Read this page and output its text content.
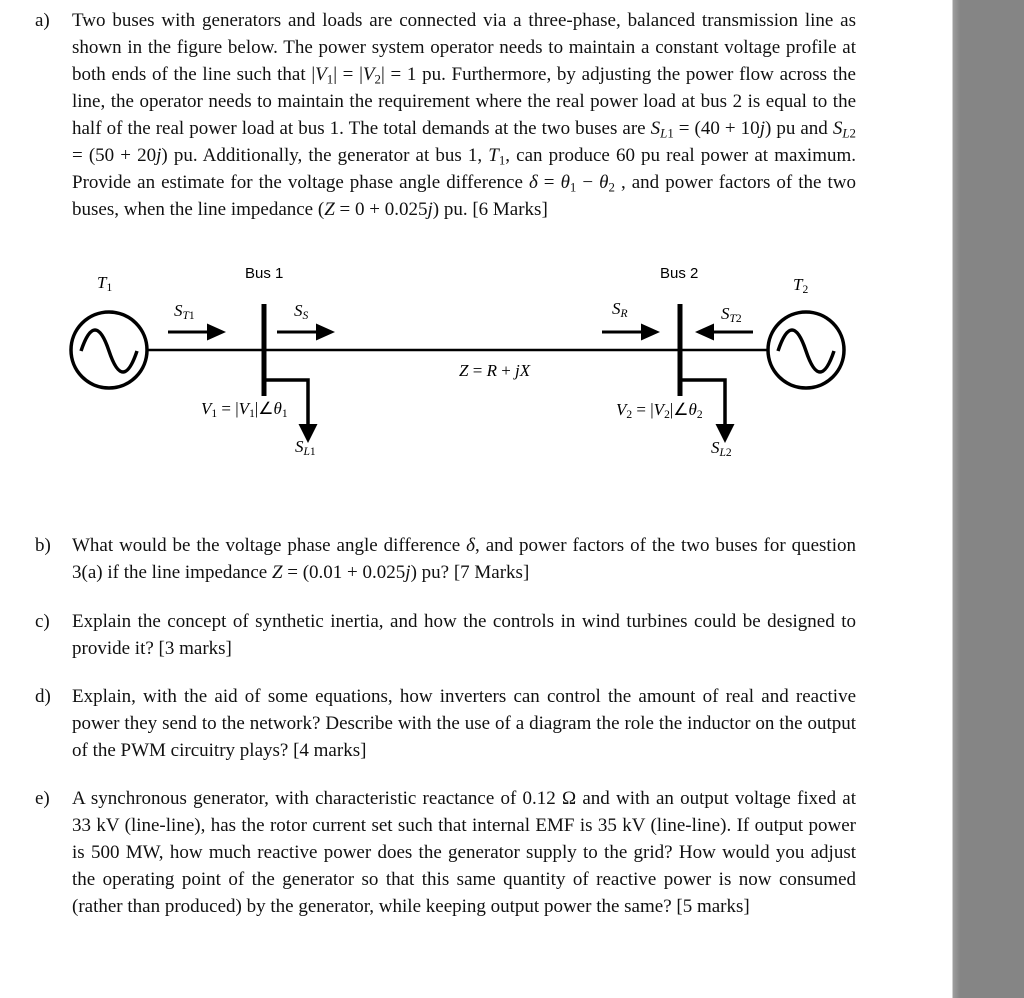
a)	Two buses with generators and loads are connected via a three-phase, balanced transmission line as shown in the figure below. The power system operator needs to maintain a constant voltage profile at both ends of the line such that $|V_1| = |V_2| = 1$ pu. Furthermore, by adjusting the power flow across the line, the operator needs to maintain the requirement where the real power load at bus 2 is equal to the half of the real power load at bus 1. The total demands at the two buses are $S_{L1} = (40 + 10j)$ pu and $S_{L2} = (50 + 20j)$ pu. Additionally, the generator at bus 1, $T_1$, can produce 60 pu real power at maximum. Provide an estimate for the voltage phase angle difference $\delta = \theta_1 - \theta_2$ , and power factors of the two buses, when the line impedance (Z = 0 + 0.025j) pu. [6 Marks]
$T_1$	$T_2$
Bus 1	Bus 2
$S_{T1}$	$S_S$	$S_R$	$S_{T2}$
Z = R + jX
$V_1$ = $|V_1|\angle\theta_1$	$V_2$ = $|V_2|\angle\theta_2$
$S_{L1}$	$S_{L2}$
b)	What would be the voltage phase angle difference δ, and power factors of the two buses for question 3(a) if the line impedance Z = (0.01 + 0.025j) pu? [7 Marks]
c)	Explain the concept of synthetic inertia, and how the controls in wind turbines could be designed to provide it? [3 marks]
d)	Explain, with the aid of some equations, how inverters can control the amount of real and reactive power they send to the network? Describe with the use of a diagram the role the inductor on the output of the PWM circuitry plays? [4 marks]
e)	A synchronous generator, with characteristic reactance of 0.12 Ω and with an output voltage fixed at 33 kV (line-line), has the rotor current set such that internal EMF is 35 kV (line-line). If output power is 500 MW, how much reactive power does the generator supply to the grid? How would you adjust the operating point of the generator so that this same quantity of reactive power is now consumed (rather than produced) by the generator, while keeping output power the same? [5 marks]
